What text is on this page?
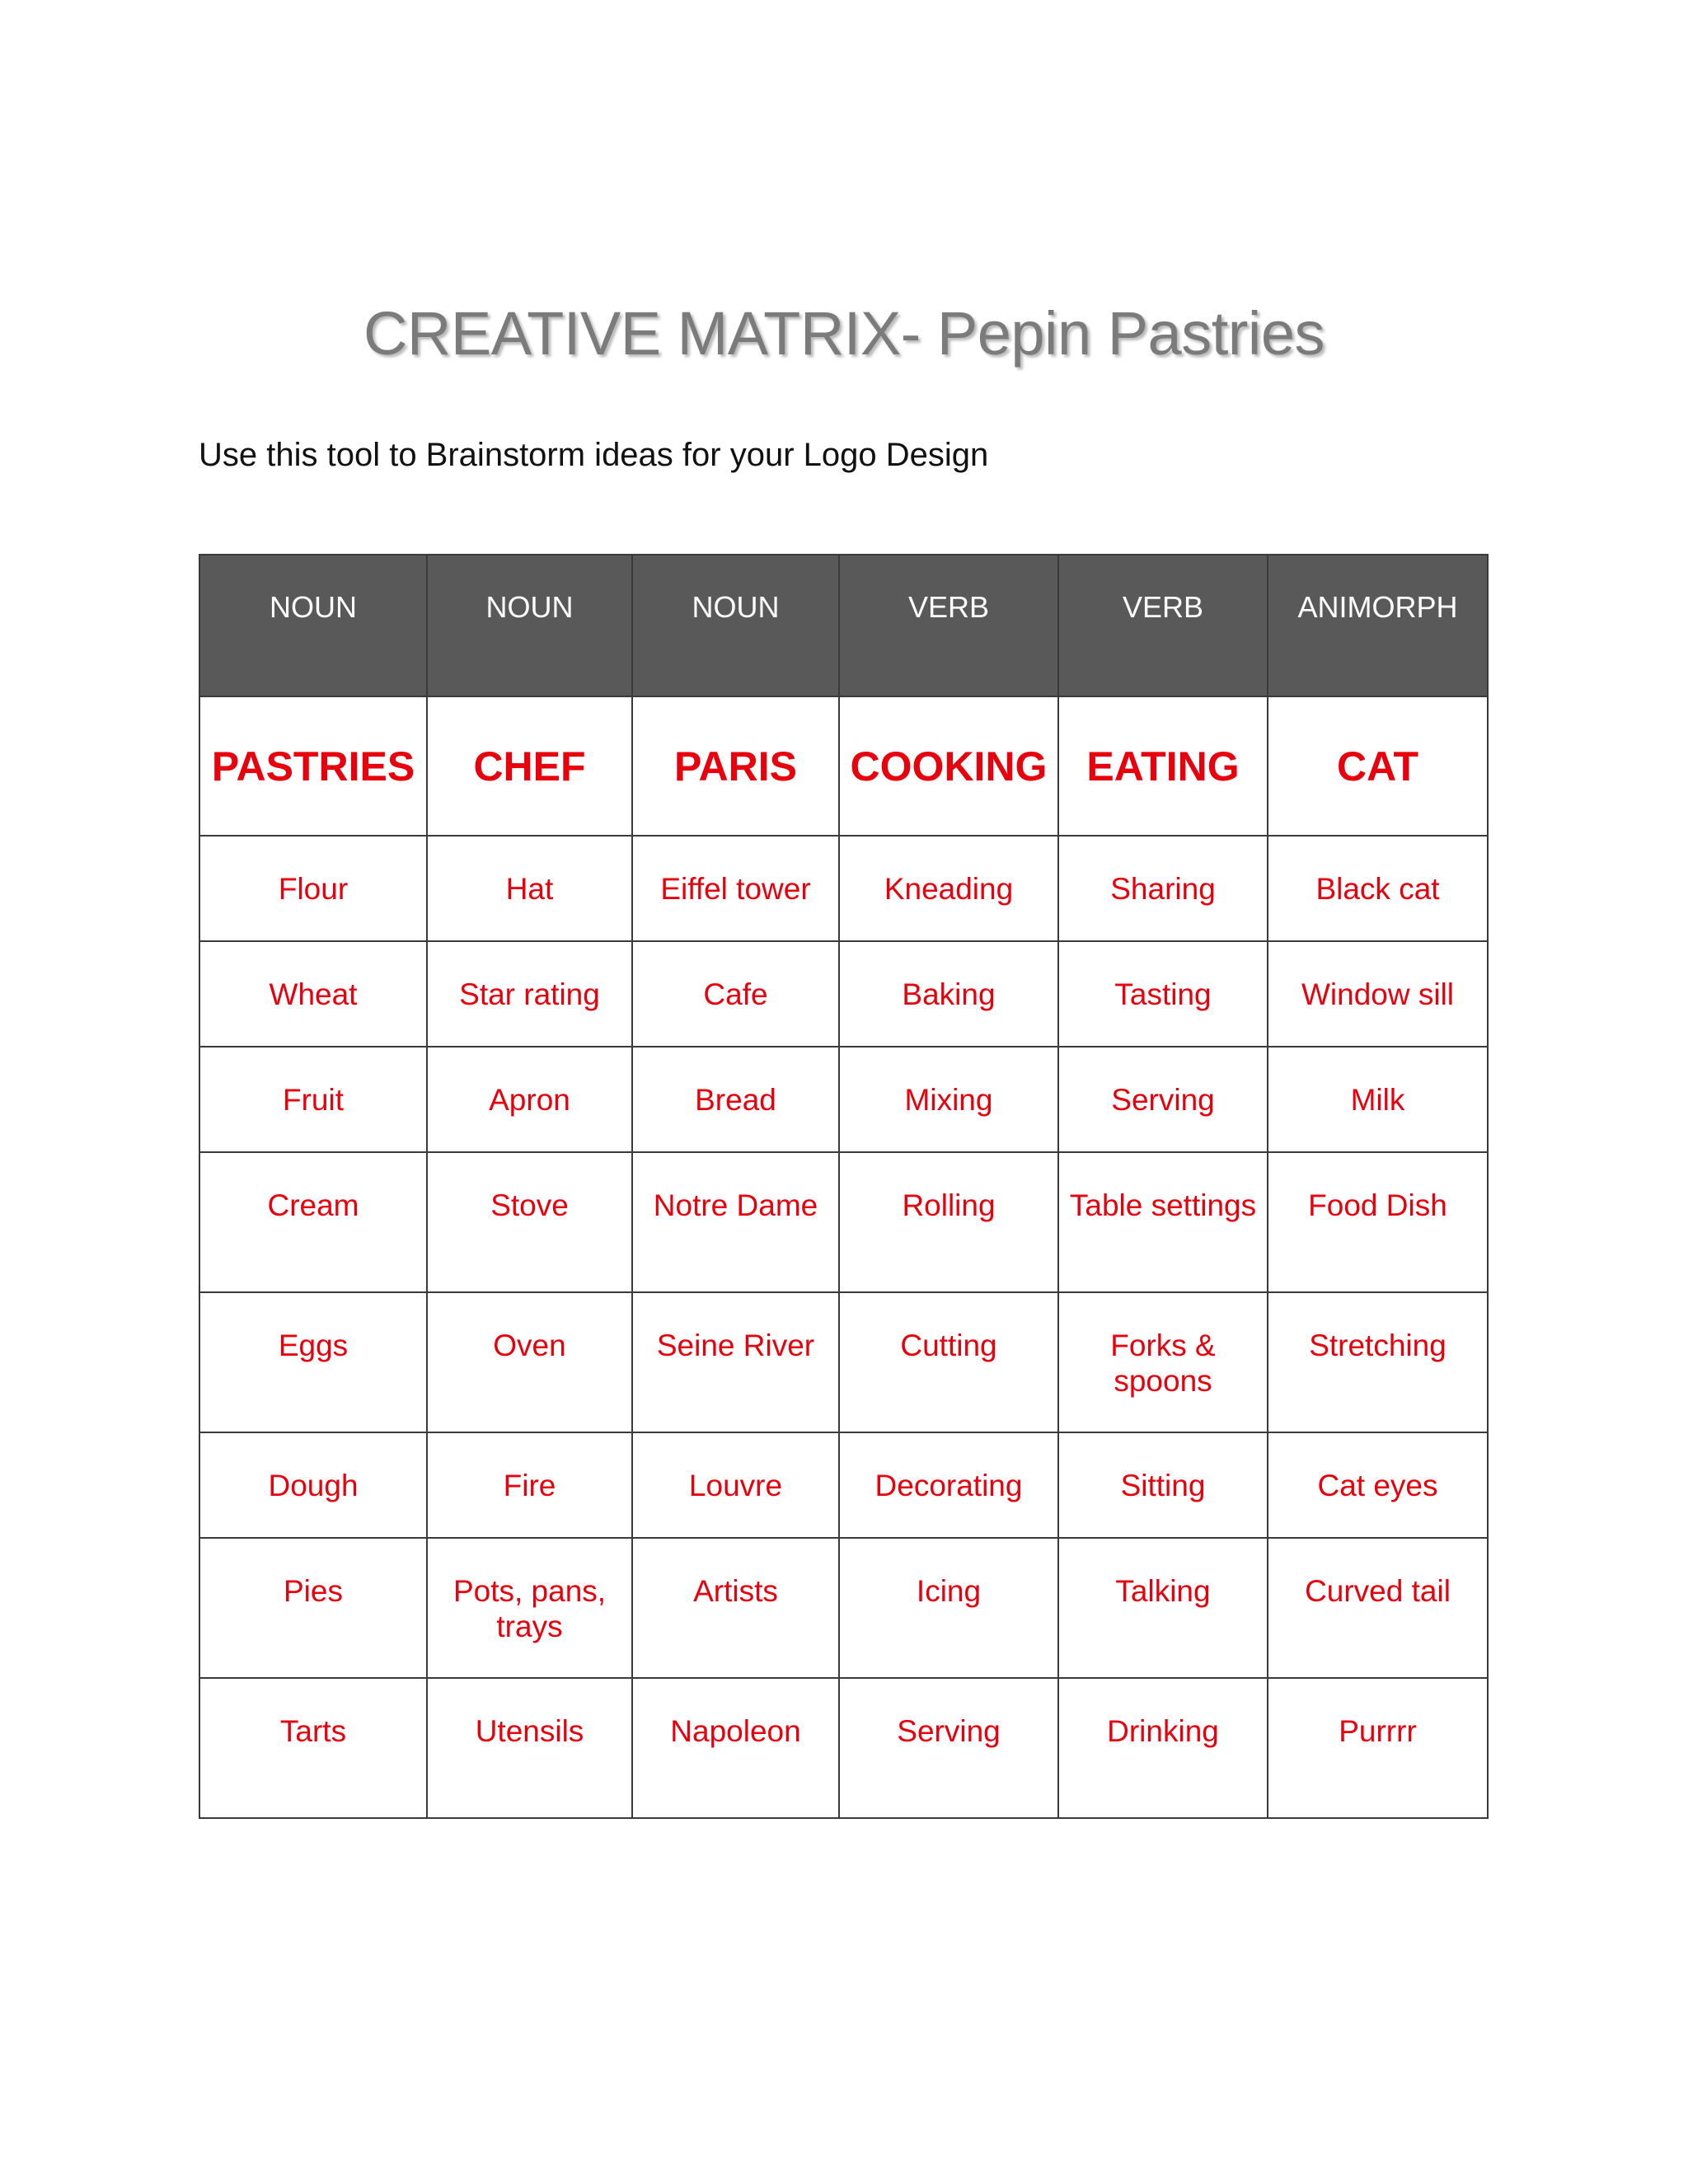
CREATIVE MATRIX- Pepin Pastries
Use this tool to Brainstorm ideas for your Logo Design
NOUN	NOUN	NOUN	VERB	VERB	ANIMORPH
PASTRIES	CHEF	PARIS	COOKING	EATING	CAT
Flour	Hat	Eiffel tower	Kneading	Sharing	Black cat
Wheat	Star rating	Cafe	Baking	Tasting	Window sill
Fruit	Apron	Bread	Mixing	Serving	Milk
Cream	Stove	Notre Dame	Rolling	Table settings	Food Dish
Eggs	Oven	Seine River	Cutting	Forks & spoons	Stretching
Dough	Fire	Louvre	Decorating	Sitting	Cat eyes
Pies	Pots, pans, trays	Artists	Icing	Talking	Curved tail
Tarts	Utensils	Napoleon	Serving	Drinking	Purrrr
